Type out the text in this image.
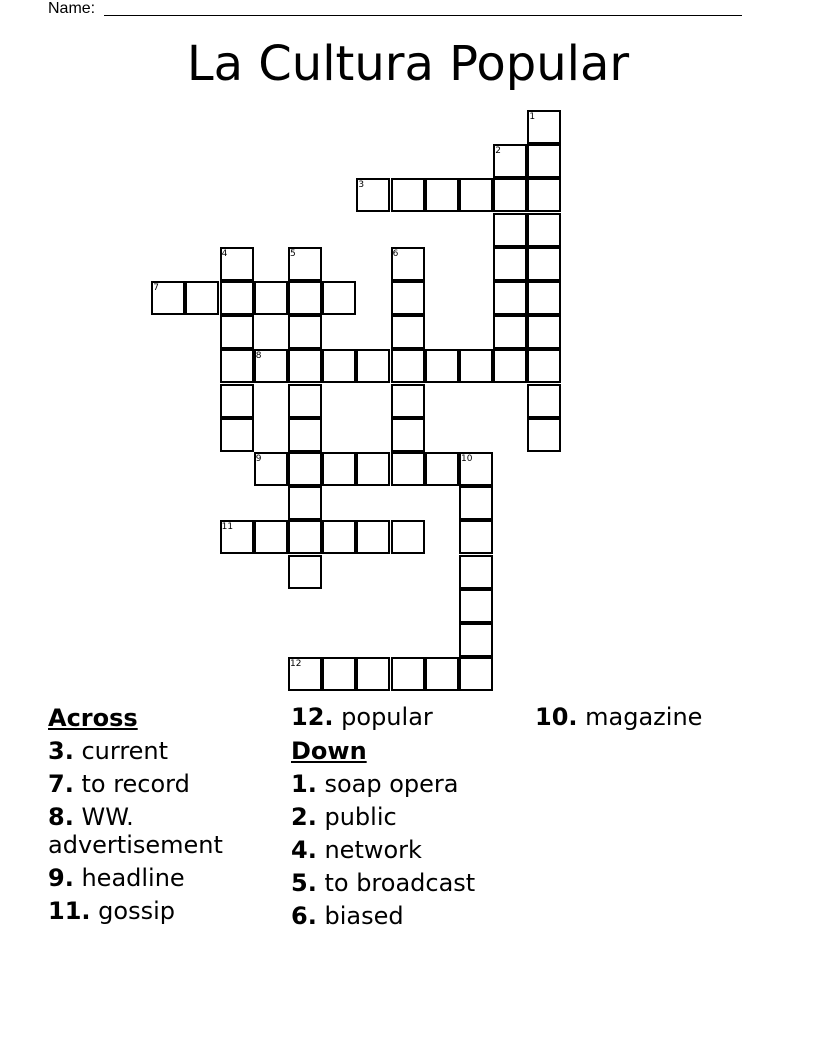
Name:
La Cultura Popular
1
2
3
4	5	6
7
8
9	10
11
12
Across
3. current
7. to record
8. WW. advertisement
9. headline
11. gossip
12. popular
Down
1. soap opera
2. public
4. network
5. to broadcast
6. biased
10. magazine
